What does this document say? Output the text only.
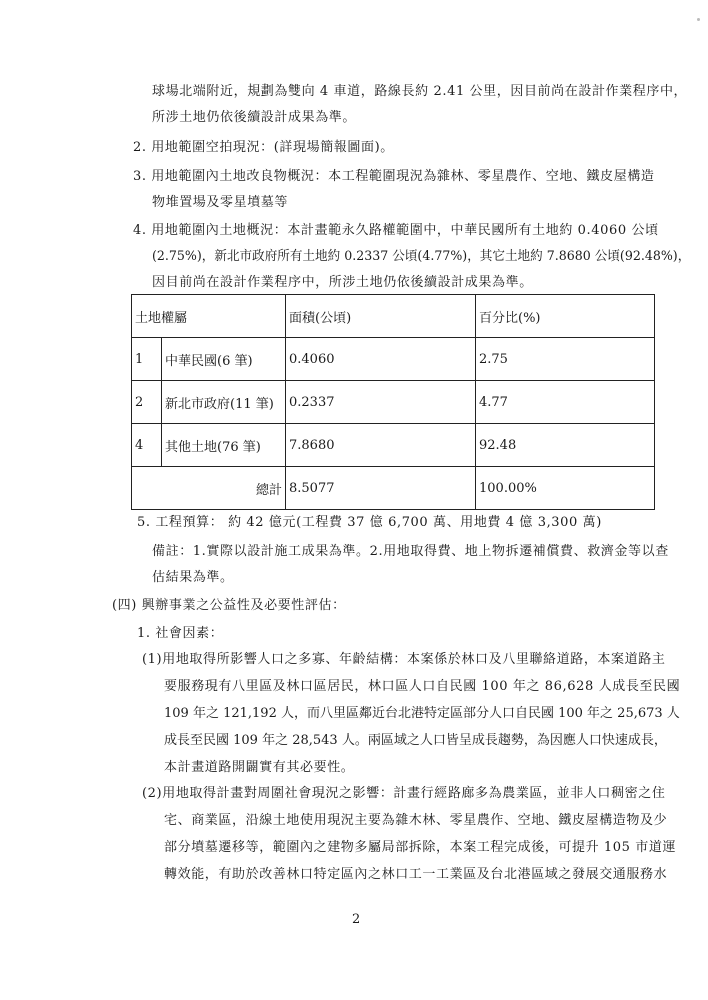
球場北端附近，規劃為雙向 4 車道，路線長約 2.41 公里，因目前尚在設計作業程序中，
所涉土地仍依後續設計成果為準。
2. 用地範圍空拍現況：(詳現場簡報圖面)。
3. 用地範圍內土地改良物概況：本工程範圍現況為雜林、零星農作、空地、鐵皮屋構造
物堆置場及零星墳墓等
4. 用地範圍內土地概況：本計畫範永久路權範圍中，中華民國所有土地約 0.4060 公頃
(2.75%)，新北市政府所有土地約 0.2337 公頃(4.77%)，其它土地約 7.8680 公頃(92.48%)，
因目前尚在設計作業程序中，所涉土地仍依後續設計成果為準。
土地權屬		面積(公頃)	百分比(%)
1	中華民國(6 筆)	0.4060	2.75
2	新北市政府(11 筆)	0.2337	4.77
4	其他土地(76 筆)	7.8680	92.48
總計		8.5077	100.00%
5. 工程預算： 約 42 億元(工程費 37 億 6,700 萬、用地費 4 億 3,300 萬)
備註：1.實際以設計施工成果為準。2.用地取得費、地上物拆遷補償費、救濟金等以查
估結果為準。
(四) 興辦事業之公益性及必要性評估：
1. 社會因素：
(1)用地取得所影響人口之多寡、年齡結構：本案係於林口及八里聯絡道路，本案道路主
要服務現有八里區及林口區居民，林口區人口自民國 100 年之 86,628 人成長至民國
109 年之 121,192 人，而八里區鄰近台北港特定區部分人口自民國 100 年之 25,673 人
成長至民國 109 年之 28,543 人。兩區域之人口皆呈成長趨勢，為因應人口快速成長，
本計畫道路開闢實有其必要性。
(2)用地取得計畫對周圍社會現況之影響：計畫行經路廊多為農業區，並非人口稠密之住
宅、商業區，沿線土地使用現況主要為雜木林、零星農作、空地、鐵皮屋構造物及少
部分墳墓遷移等，範圍內之建物多屬局部拆除，本案工程完成後，可提升 105 市道運
轉效能，有助於改善林口特定區內之林口工一工業區及台北港區域之發展交通服務水
2
